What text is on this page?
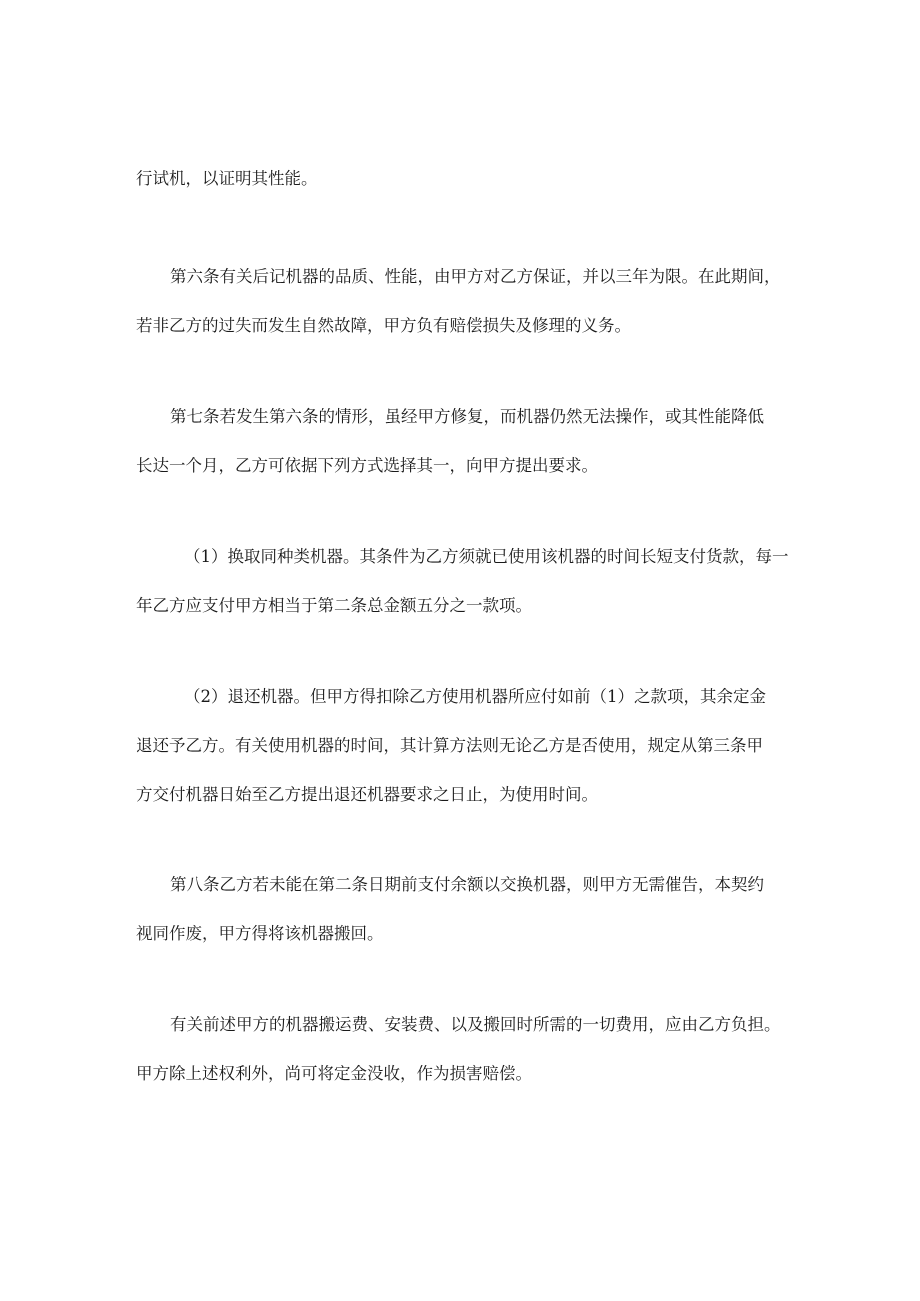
行试机，以证明其性能。
第六条有关后记机器的品质、性能，由甲方对乙方保证，并以三年为限。在此期间，
若非乙方的过失而发生自然故障，甲方负有赔偿损失及修理的义务。
第七条若发生第六条的情形，虽经甲方修复，而机器仍然无法操作，或其性能降低
长达一个月，乙方可依据下列方式选择其一，向甲方提出要求。
（1）换取同种类机器。其条件为乙方须就已使用该机器的时间长短支付货款，每一
年乙方应支付甲方相当于第二条总金额五分之一款项。
（2）退还机器。但甲方得扣除乙方使用机器所应付如前（1）之款项，其余定金
退还予乙方。有关使用机器的时间，其计算方法则无论乙方是否使用，规定从第三条甲
方交付机器日始至乙方提出退还机器要求之日止，为使用时间。
第八条乙方若未能在第二条日期前支付余额以交换机器，则甲方无需催告，本契约
视同作废，甲方得将该机器搬回。
有关前述甲方的机器搬运费、安装费、以及搬回时所需的一切费用，应由乙方负担。
甲方除上述权利外，尚可将定金没收，作为损害赔偿。
